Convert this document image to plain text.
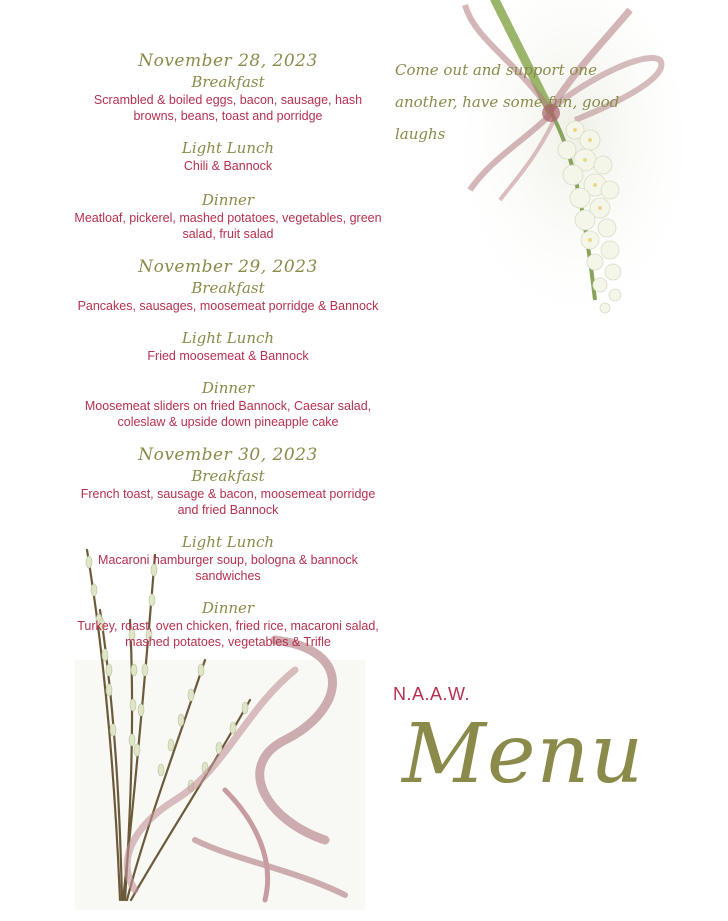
Come out and support one another, have some fun, good laughs

November 28, 2023

Breakfast

Scrambled & boiled eggs, bacon, sausage, hash browns, beans, toast and porridge

Light Lunch

Chili & Bannock

Dinner

Meatloaf, pickerel, mashed potatoes, vegetables, green salad, fruit salad

November 29, 2023

Breakfast

Pancakes, sausages, moosemeat porridge & Bannock

Light Lunch

Fried moosemeat & Bannock

Dinner

Moosemeat sliders on fried Bannock, Caesar salad, coleslaw & upside down pineapple cake

November 30, 2023

Breakfast

French toast, sausage & bacon, moosemeat porridge and fried Bannock

Light Lunch

Macaroni hamburger soup, bologna & bannock sandwiches

Dinner

Turkey, roast, oven chicken, fried rice, macaroni salad, mashed potatoes, vegetables & Trifle

N.A.A.W.
Menu
